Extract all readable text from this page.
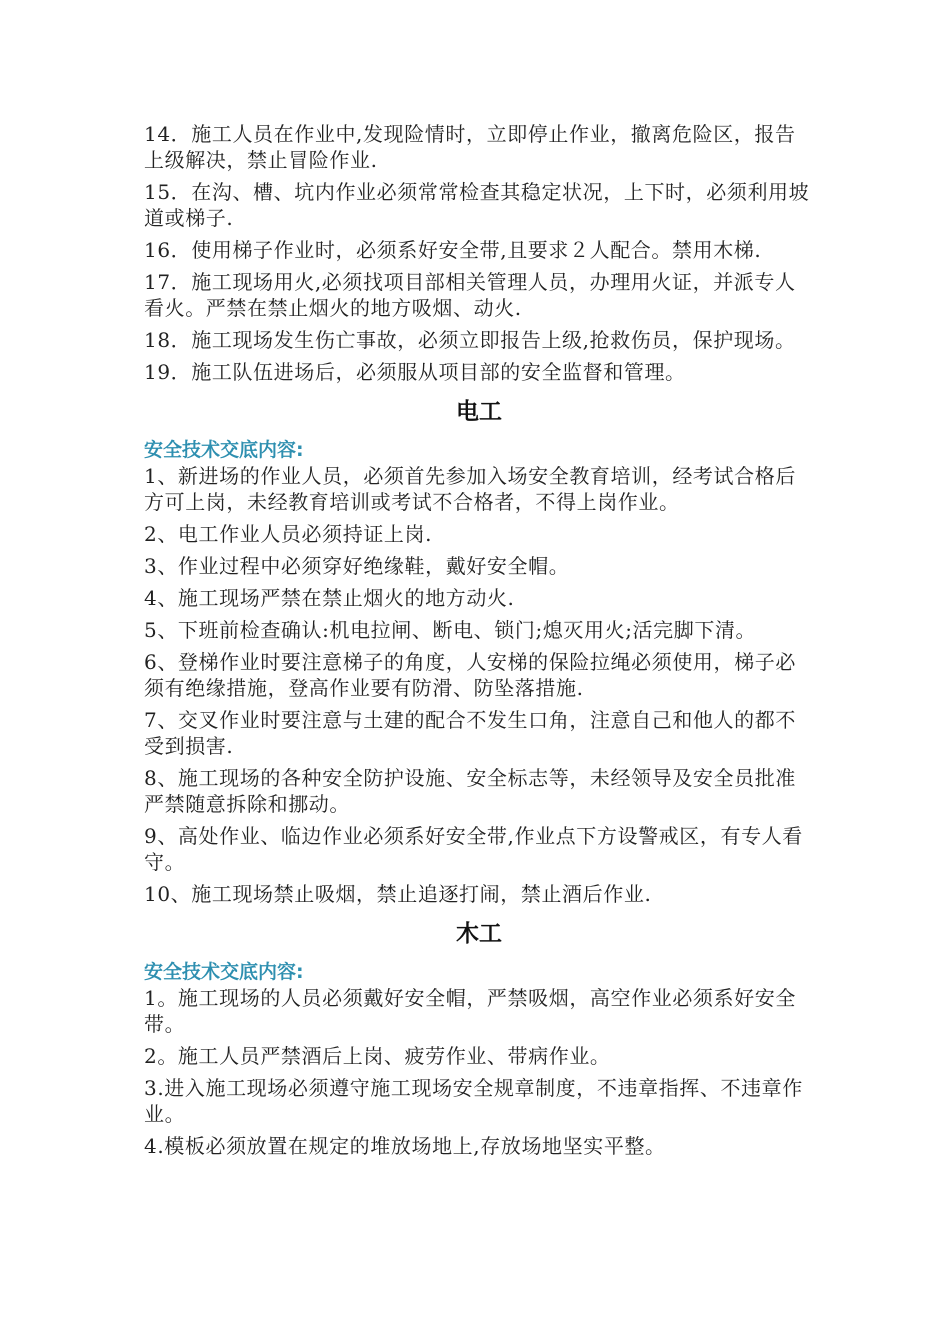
14．施工人员在作业中,发现险情时，立即停止作业，撤离危险区，报告上级解决，禁止冒险作业.

15．在沟、槽、坑内作业必须常常检查其稳定状况，上下时，必须利用坡道或梯子.

16．使用梯子作业时，必须系好安全带,且要求２人配合。禁用木梯.

17．施工现场用火,必须找项目部相关管理人员，办理用火证，并派专人看火。严禁在禁止烟火的地方吸烟、动火.

18．施工现场发生伤亡事故，必须立即报告上级,抢救伤员，保护现场。

19．施工队伍进场后，必须服从项目部的安全监督和管理。

电工
安全技术交底内容:

1、新进场的作业人员，必须首先参加入场安全教育培训，经考试合格后方可上岗，未经教育培训或考试不合格者，不得上岗作业。

2、电工作业人员必须持证上岗.

3、作业过程中必须穿好绝缘鞋，戴好安全帽。

4、施工现场严禁在禁止烟火的地方动火.

5、下班前检查确认:机电拉闸、断电、锁门;熄灭用火;活完脚下清。

6、登梯作业时要注意梯子的角度，人安梯的保险拉绳必须使用，梯子必须有绝缘措施，登高作业要有防滑、防坠落措施.

7、交叉作业时要注意与土建的配合不发生口角，注意自己和他人的都不受到损害.

8、施工现场的各种安全防护设施、安全标志等，未经领导及安全员批准严禁随意拆除和挪动。

9、高处作业、临边作业必须系好安全带,作业点下方设警戒区，有专人看守。

10、施工现场禁止吸烟，禁止追逐打闹，禁止酒后作业.

木工
安全技术交底内容:

1。施工现场的人员必须戴好安全帽，严禁吸烟，高空作业必须系好安全带。

2。施工人员严禁酒后上岗、疲劳作业、带病作业。

3.进入施工现场必须遵守施工现场安全规章制度，不违章指挥、不违章作业。

4.模板必须放置在规定的堆放场地上,存放场地坚实平整。
